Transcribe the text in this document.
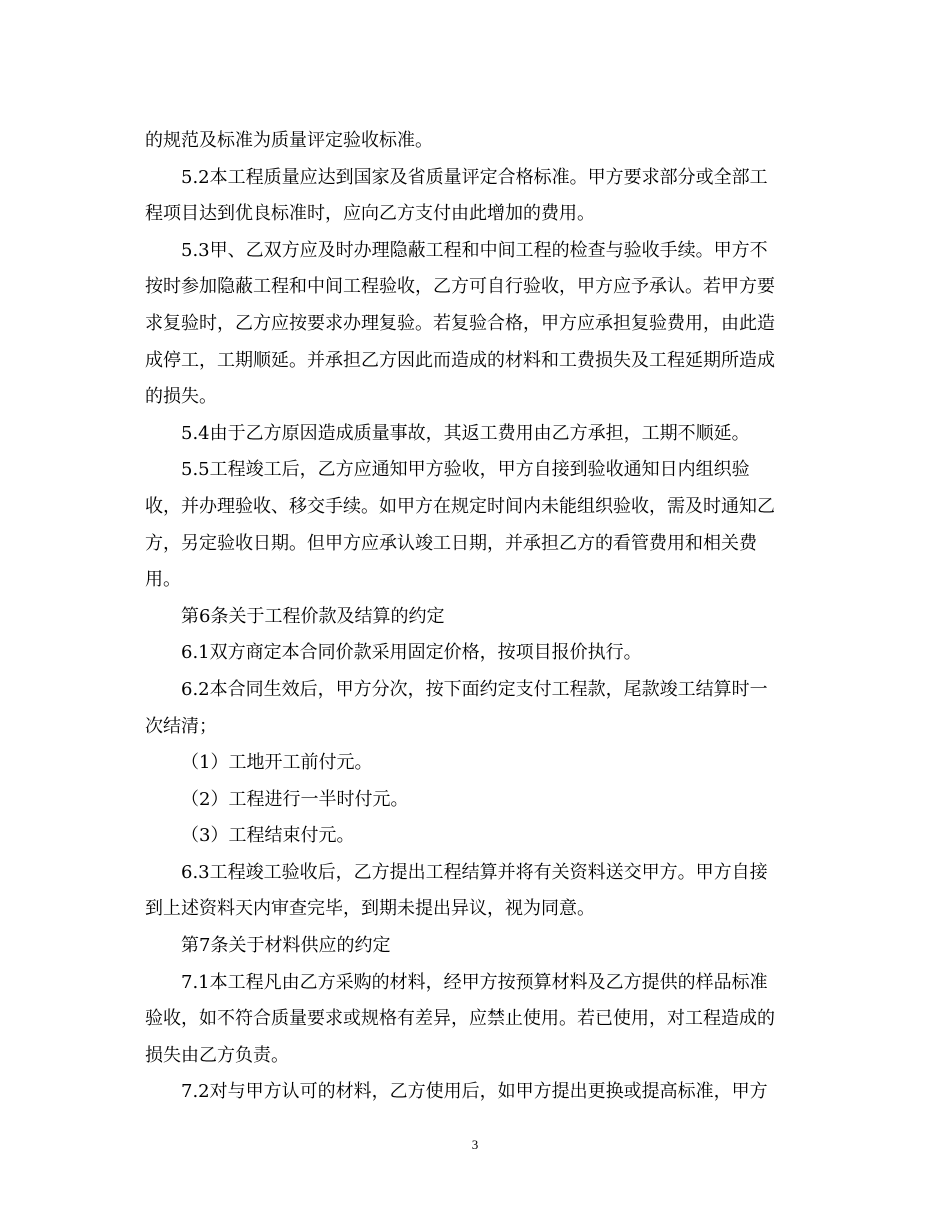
的规范及标准为质量评定验收标准。

5.2本工程质量应达到国家及省质量评定合格标准。甲方要求部分或全部工
程项目达到优良标准时，应向乙方支付由此增加的费用。

5.3甲、乙双方应及时办理隐蔽工程和中间工程的检查与验收手续。甲方不
按时参加隐蔽工程和中间工程验收，乙方可自行验收，甲方应予承认。若甲方要
求复验时，乙方应按要求办理复验。若复验合格，甲方应承担复验费用，由此造
成停工，工期顺延。并承担乙方因此而造成的材料和工费损失及工程延期所造成
的损失。

5.4由于乙方原因造成质量事故，其返工费用由乙方承担，工期不顺延。

5.5工程竣工后，乙方应通知甲方验收，甲方自接到验收通知日内组织验
收，并办理验收、移交手续。如甲方在规定时间内未能组织验收，需及时通知乙
方，另定验收日期。但甲方应承认竣工日期，并承担乙方的看管费用和相关费
用。

第6条关于工程价款及结算的约定

6.1双方商定本合同价款采用固定价格，按项目报价执行。

6.2本合同生效后，甲方分次，按下面约定支付工程款，尾款竣工结算时一
次结清；

（1）工地开工前付元。

（2）工程进行一半时付元。

（3）工程结束付元。

6.3工程竣工验收后，乙方提出工程结算并将有关资料送交甲方。甲方自接
到上述资料天内审查完毕，到期未提出异议，视为同意。

第7条关于材料供应的约定

7.1本工程凡由乙方采购的材料，经甲方按预算材料及乙方提供的样品标准
验收，如不符合质量要求或规格有差异，应禁止使用。若已使用，对工程造成的
损失由乙方负责。

7.2对与甲方认可的材料，乙方使用后，如甲方提出更换或提高标准，甲方

3
